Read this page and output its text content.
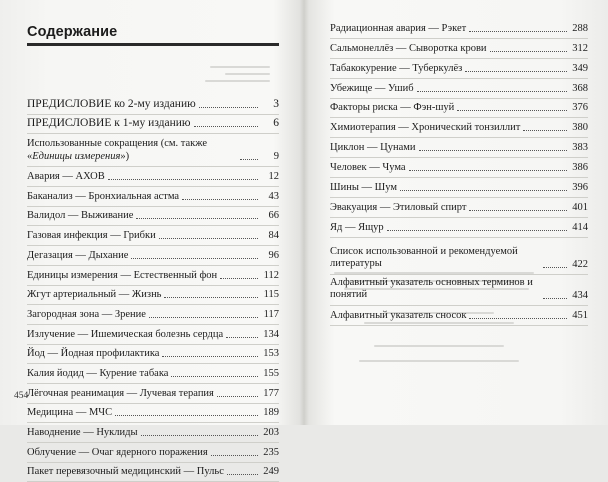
Содержание
ПРЕДИСЛОВИЕ ко 2-му изданию	3
ПРЕДИСЛОВИЕ к 1-му изданию	6
Использованные сокращения (см. также «Единицы измерения»)	9
Авария — АХОВ	12
Баканализ — Бронхиальная астма	43
Валидол — Выживание	66
Газовая инфекция — Грибки	84
Дегазация — Дыхание	96
Единицы измерения — Естественный фон	112
Жгут артериальный — Жизнь	115
Загородная зона — Зрение	117
Излучение — Ишемическая болезнь сердца	134
Йод — Йодная профилактика	153
Калия йодид — Курение табака	155
Лёгочная реанимация — Лучевая терапия	177
Медицина — МЧС	189
Наводнение — Нуклиды	203
Облучение — Очаг ядерного поражения	235
Пакет перевязочный медицинский — Пульс	249
454
Радиационная авария — Рэкет	288
Сальмонеллёз — Сыворотка крови	312
Табакокурение — Туберкулёз	349
Убежище — Ушиб	368
Факторы риска — Фэн-шуй	376
Химиотерапия — Хронический тонзиллит	380
Циклон — Цунами	383
Человек — Чума	386
Шины — Шум	396
Эвакуация — Этиловый спирт	401
Яд — Ящур	414
Список использованной и рекомендуемой литературы	422
Алфавитный указатель основных терминов и понятий	434
Алфавитный указатель сносок	451
